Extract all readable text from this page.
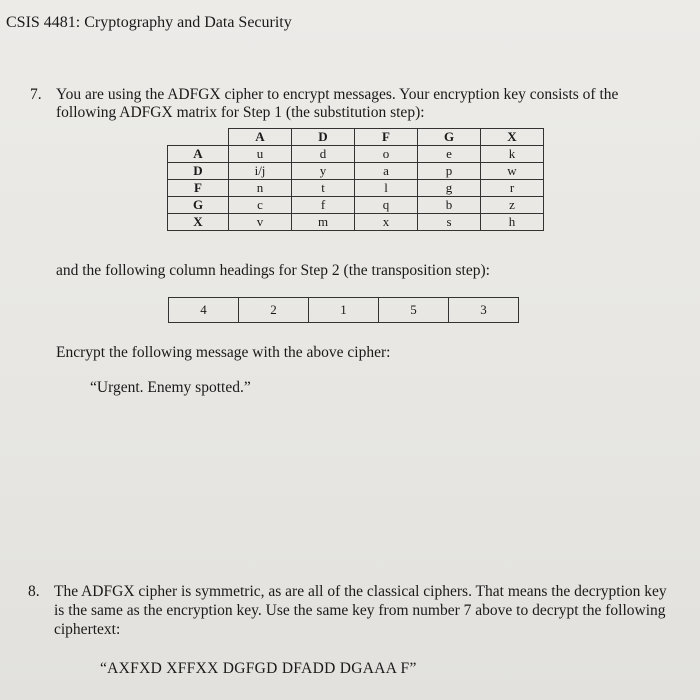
CSIS 4481: Cryptography and Data Security
7. You are using the ADFGX cipher to encrypt messages. Your encryption key consists of the following ADFGX matrix for Step 1 (the substitution step):
	A	D	F	G	X
A	u	d	o	e	k
D	i/j	y	a	p	w
F	n	t	l	g	r
G	c	f	q	b	z
X	v	m	x	s	h
and the following column headings for Step 2 (the transposition step):
4	2	1	5	3
Encrypt the following message with the above cipher:
“Urgent. Enemy spotted.”
8. The ADFGX cipher is symmetric, as are all of the classical ciphers. That means the decryption key is the same as the encryption key. Use the same key from number 7 above to decrypt the following ciphertext:
“AXFXD XFFXX DGFGD DFADD DGAAA F”
